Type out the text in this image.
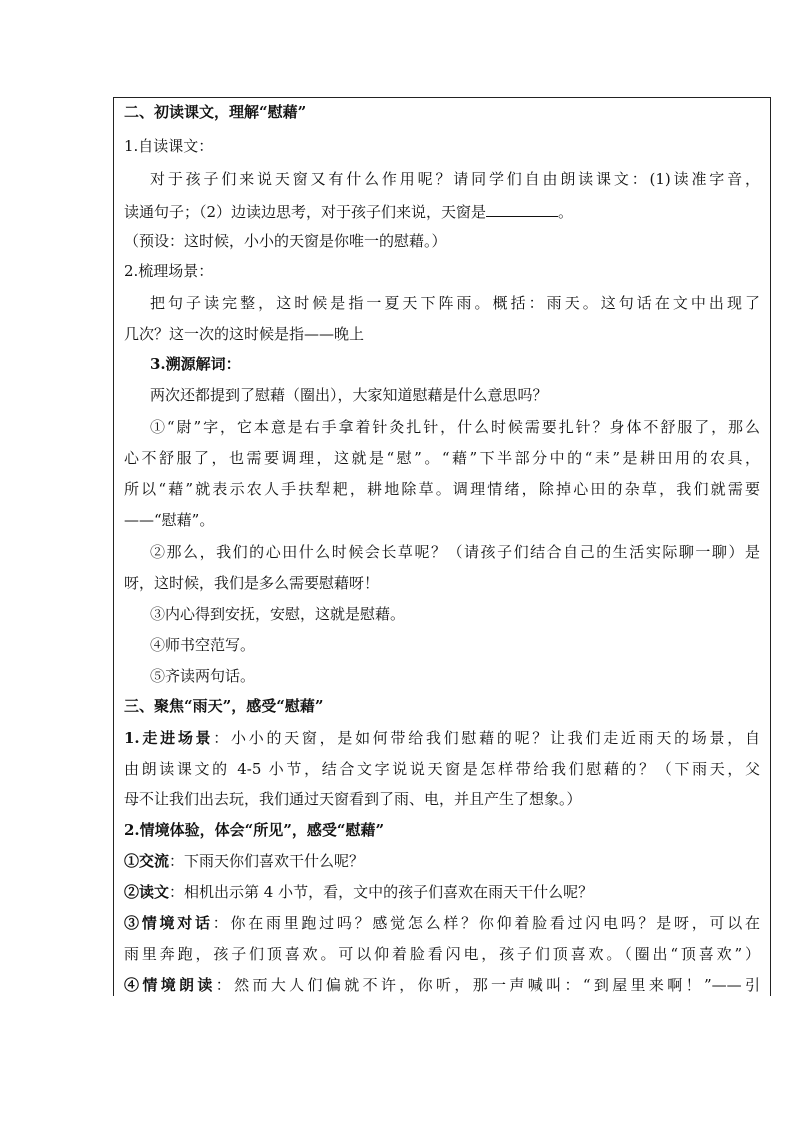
二、初读课文，理解“慰藉”
1.自读课文：
对于孩子们来说天窗又有什么作用呢？请同学们自由朗读课文：(1)读准字音，
读通句子；（2）边读边思考，对于孩子们来说，天窗是	。
（预设：这时候，小小的天窗是你唯一的慰藉。）
2.梳理场景：
把句子读完整，这时候是指一夏天下阵雨。概括：雨天。这句话在文中出现了
几次？这一次的这时候是指——晚上
3.溯源解词：
两次还都提到了慰藉（圈出），大家知道慰藉是什么意思吗？
①“尉”字，它本意是右手拿着针灸扎针，什么时候需要扎针？身体不舒服了，那么
心不舒服了，也需要调理，这就是“慰”。“藉”下半部分中的“耒”是耕田用的农具，
所以“藉”就表示农人手扶犁耙，耕地除草。调理情绪，除掉心田的杂草，我们就需要
——“慰藉”。
②那么，我们的心田什么时候会长草呢？（请孩子们结合自己的生活实际聊一聊）是
呀，这时候，我们是多么需要慰藉呀！
③内心得到安抚，安慰，这就是慰藉。
④师书空范写。
⑤齐读两句话。
三、聚焦“雨天”，感受“慰藉”
1.走进场景：小小的天窗，是如何带给我们慰藉的呢？让我们走近雨天的场景，自
由朗读课文的 4-5 小节，结合文字说说天窗是怎样带给我们慰藉的？（下雨天，父
母不让我们出去玩，我们通过天窗看到了雨、电，并且产生了想象。）
2.情境体验，体会“所见”，感受“慰藉”
①交流：下雨天你们喜欢干什么呢？
②读文：相机出示第 4 小节，看，文中的孩子们喜欢在雨天干什么呢？
③情境对话：你在雨里跑过吗？感觉怎么样？你仰着脸看过闪电吗？是呀，可以在
雨里奔跑，孩子们顶喜欢。可以仰着脸看闪电，孩子们顶喜欢。（圈出“顶喜欢”）
④情境朗读：然而大人们偏就不许，你听，那一声喊叫：“到屋里来啊！”——引
